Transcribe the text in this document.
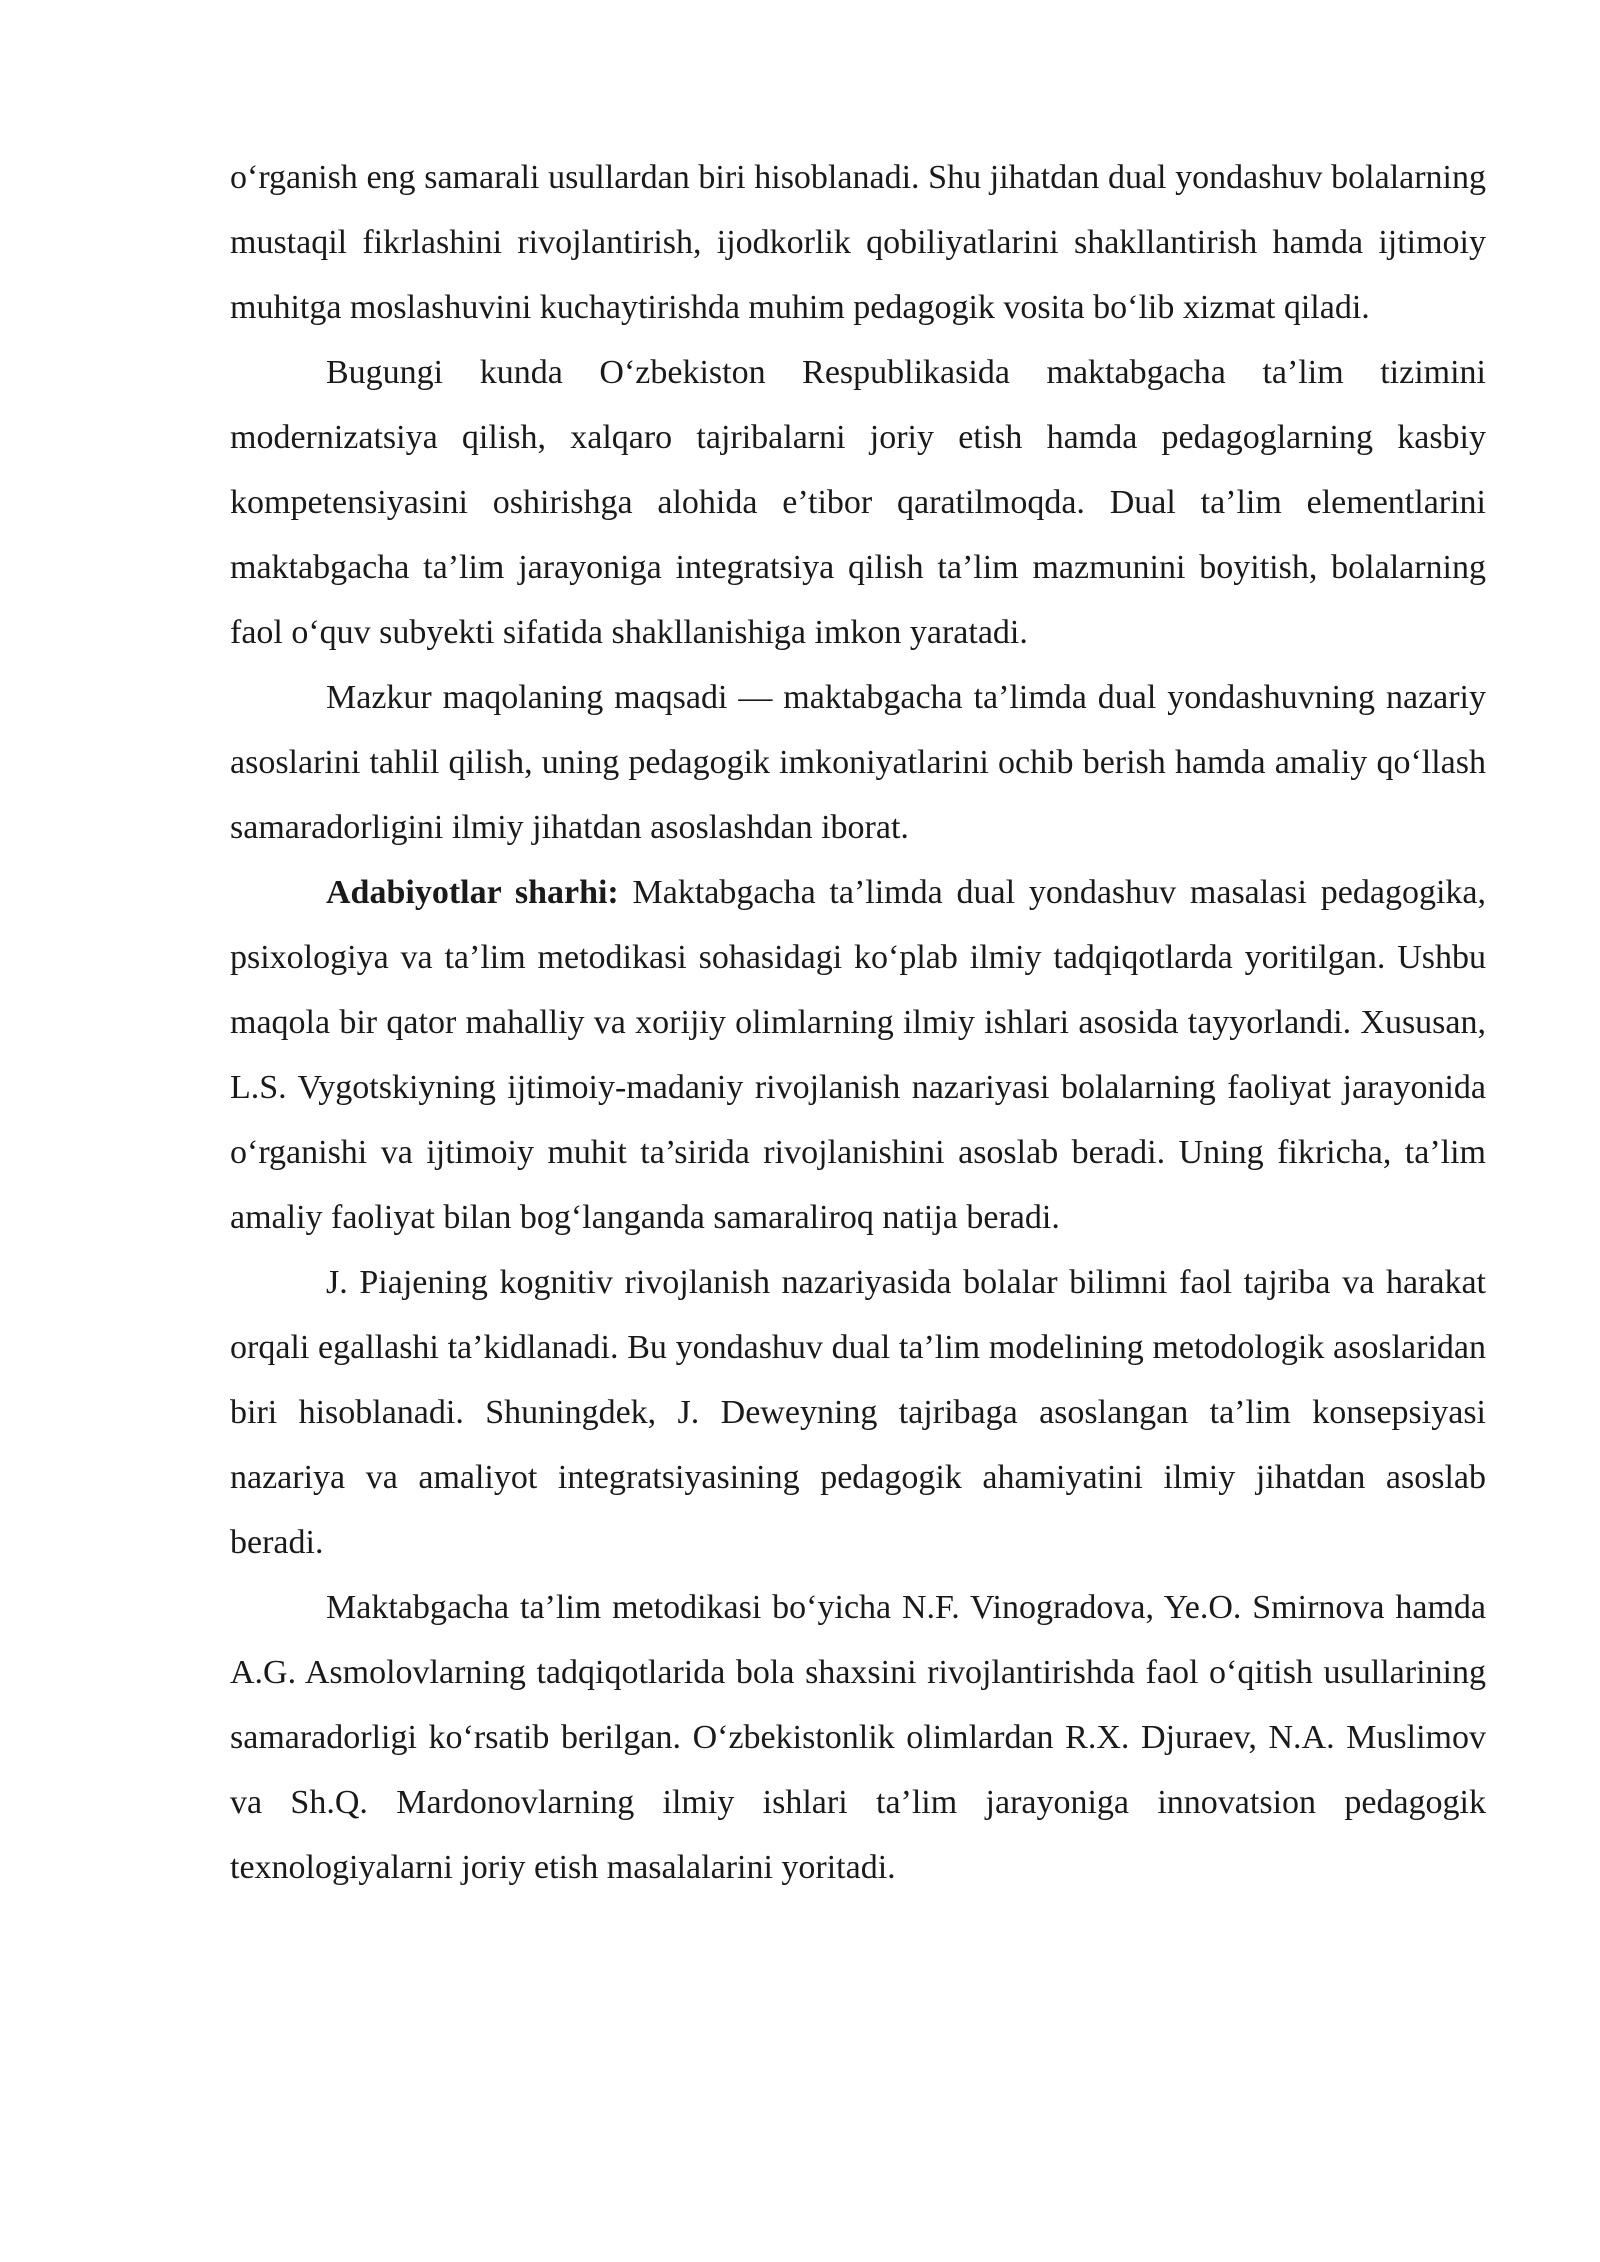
o‘rganish eng samarali usullardan biri hisoblanadi. Shu jihatdan dual yondashuv bolalarning mustaqil fikrlashini rivojlantirish, ijodkorlik qobiliyatlarini shakllantirish hamda ijtimoiy muhitga moslashuvini kuchaytirishda muhim pedagogik vosita bo‘lib xizmat qiladi.

Bugungi kunda O‘zbekiston Respublikasida maktabgacha ta’lim tizimini modernizatsiya qilish, xalqaro tajribalarni joriy etish hamda pedagoglarning kasbiy kompetensiyasini oshirishga alohida e’tibor qaratilmoqda. Dual ta’lim elementlarini maktabgacha ta’lim jarayoniga integratsiya qilish ta’lim mazmunini boyitish, bolalarning faol o‘quv subyekti sifatida shakllanishiga imkon yaratadi.

Mazkur maqolaning maqsadi — maktabgacha ta’limda dual yondashuvning nazariy asoslarini tahlil qilish, uning pedagogik imkoniyatlarini ochib berish hamda amaliy qo‘llash samaradorligini ilmiy jihatdan asoslashdan iborat.

Adabiyotlar sharhi: Maktabgacha ta’limda dual yondashuv masalasi pedagogika, psixologiya va ta’lim metodikasi sohasidagi ko‘plab ilmiy tadqiqotlarda yoritilgan. Ushbu maqola bir qator mahalliy va xorijiy olimlarning ilmiy ishlari asosida tayyorlandi. Xususan, L.S. Vygotskiyning ijtimoiy-madaniy rivojlanish nazariyasi bolalarning faoliyat jarayonida o‘rganishi va ijtimoiy muhit ta’sirida rivojlanishini asoslab beradi. Uning fikricha, ta’lim amaliy faoliyat bilan bog‘langanda samaraliroq natija beradi.

J. Piajening kognitiv rivojlanish nazariyasida bolalar bilimni faol tajriba va harakat orqali egallashi ta’kidlanadi. Bu yondashuv dual ta’lim modelining metodologik asoslaridan biri hisoblanadi. Shuningdek, J. Deweyning tajribaga asoslangan ta’lim konsepsiyasi nazariya va amaliyot integratsiyasining pedagogik ahamiyatini ilmiy jihatdan asoslab beradi.

Maktabgacha ta’lim metodikasi bo‘yicha N.F. Vinogradova, Ye.O. Smirnova hamda A.G. Asmolovlarning tadqiqotlarida bola shaxsini rivojlantirishda faol o‘qitish usullarining samaradorligi ko‘rsatib berilgan. O‘zbekistonlik olimlardan R.X. Djuraev, N.A. Muslimov va Sh.Q. Mardonovlarning ilmiy ishlari ta’lim jarayoniga innovatsion pedagogik texnologiyalarni joriy etish masalalarini yoritadi.
